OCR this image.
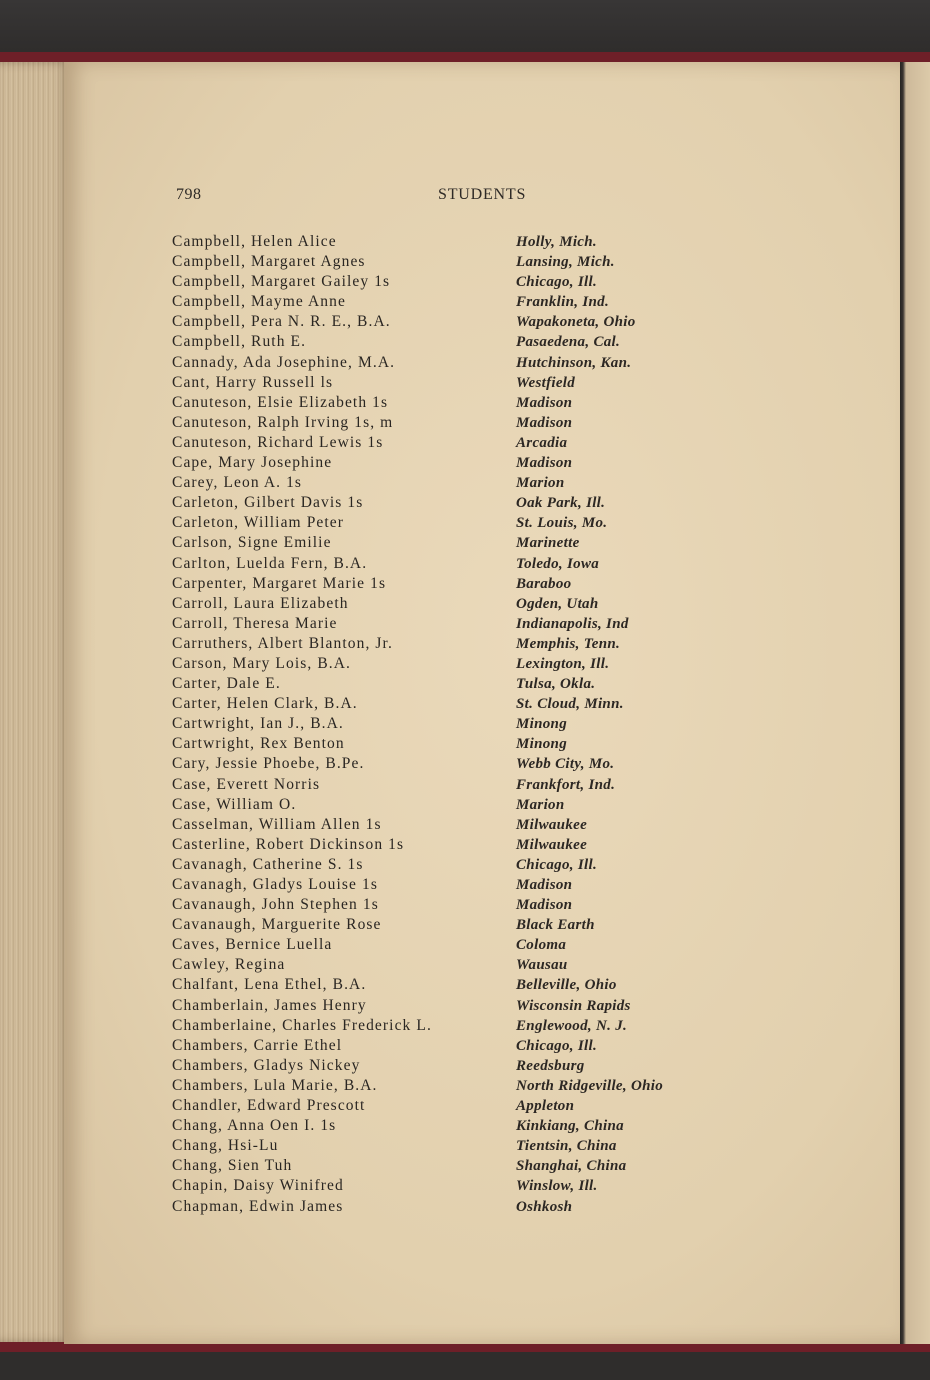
798	STUDENTS
Campbell, Helen Alice	Holly, Mich.
Campbell, Margaret Agnes	Lansing, Mich.
Campbell, Margaret Gailey 1s	Chicago, Ill.
Campbell, Mayme Anne	Franklin, Ind.
Campbell, Pera N. R. E., B.A.	Wapakoneta, Ohio
Campbell, Ruth E.	Pasaedena, Cal.
Cannady, Ada Josephine, M.A.	Hutchinson, Kan.
Cant, Harry Russell ls	Westfield
Canuteson, Elsie Elizabeth 1s	Madison
Canuteson, Ralph Irving 1s, m	Madison
Canuteson, Richard Lewis 1s	Arcadia
Cape, Mary Josephine	Madison
Carey, Leon A. 1s	Marion
Carleton, Gilbert Davis 1s	Oak Park, Ill.
Carleton, William Peter	St. Louis, Mo.
Carlson, Signe Emilie	Marinette
Carlton, Luelda Fern, B.A.	Toledo, Iowa
Carpenter, Margaret Marie 1s	Baraboo
Carroll, Laura Elizabeth	Ogden, Utah
Carroll, Theresa Marie	Indianapolis, Ind
Carruthers, Albert Blanton, Jr.	Memphis, Tenn.
Carson, Mary Lois, B.A.	Lexington, Ill.
Carter, Dale E.	Tulsa, Okla.
Carter, Helen Clark, B.A.	St. Cloud, Minn.
Cartwright, Ian J., B.A.	Minong
Cartwright, Rex Benton	Minong
Cary, Jessie Phoebe, B.Pe.	Webb City, Mo.
Case, Everett Norris	Frankfort, Ind.
Case, William O.	Marion
Casselman, William Allen 1s	Milwaukee
Casterline, Robert Dickinson 1s	Milwaukee
Cavanagh, Catherine S. 1s	Chicago, Ill.
Cavanagh, Gladys Louise 1s	Madison
Cavanaugh, John Stephen 1s	Madison
Cavanaugh, Marguerite Rose	Black Earth
Caves, Bernice Luella	Coloma
Cawley, Regina	Wausau
Chalfant, Lena Ethel, B.A.	Belleville, Ohio
Chamberlain, James Henry	Wisconsin Rapids
Chamberlaine, Charles Frederick L.	Englewood, N. J.
Chambers, Carrie Ethel	Chicago, Ill.
Chambers, Gladys Nickey	Reedsburg
Chambers, Lula Marie, B.A.	North Ridgeville, Ohio
Chandler, Edward Prescott	Appleton
Chang, Anna Oen I. 1s	Kinkiang, China
Chang, Hsi-Lu	Tientsin, China
Chang, Sien Tuh	Shanghai, China
Chapin, Daisy Winifred	Winslow, Ill.
Chapman, Edwin James	Oshkosh
